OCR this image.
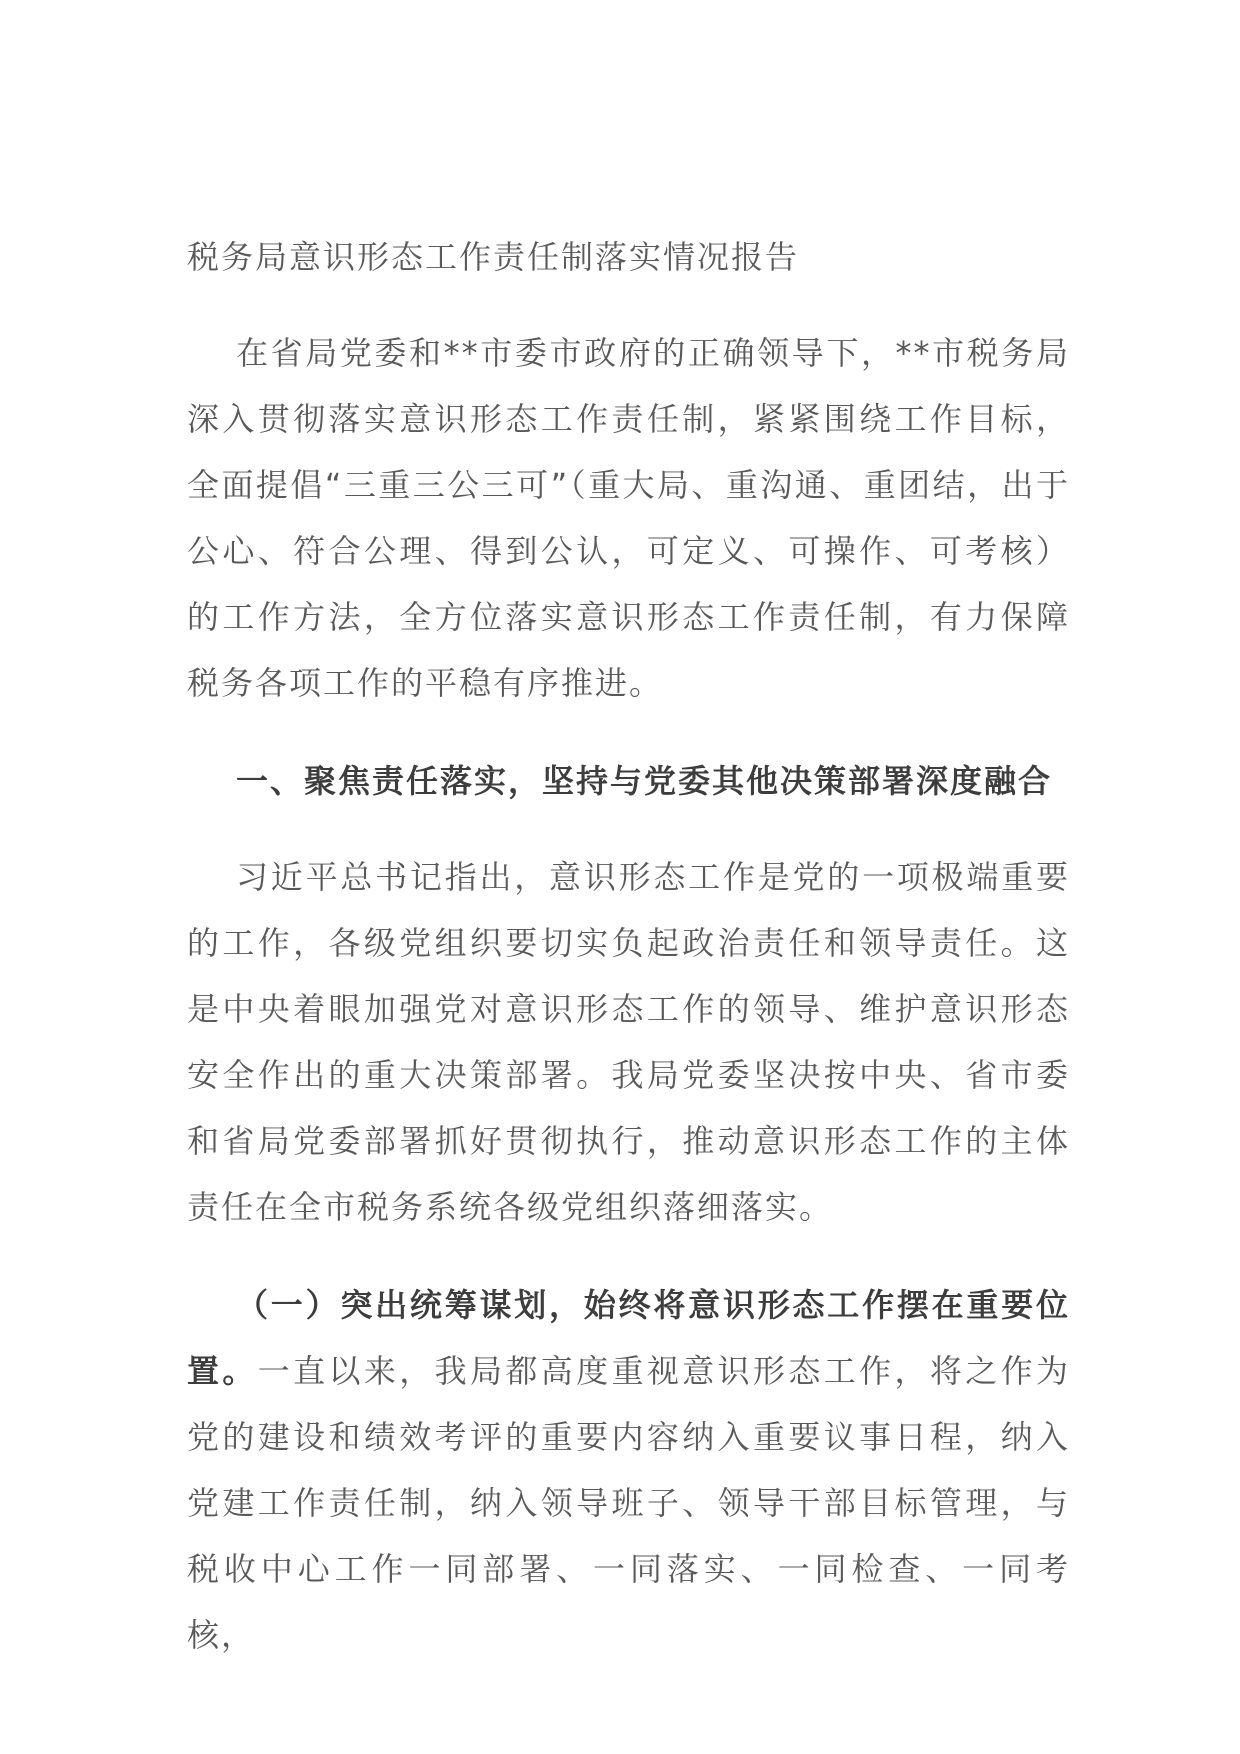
税务局意识形态工作责任制落实情况报告

在省局党委和**市委市政府的正确领导下，**市税务局深入贯彻落实意识形态工作责任制，紧紧围绕工作目标，全面提倡“三重三公三可”（重大局、重沟通、重团结，出于公心、符合公理、得到公认，可定义、可操作、可考核）的工作方法，全方位落实意识形态工作责任制，有力保障税务各项工作的平稳有序推进。

一、聚焦责任落实，坚持与党委其他决策部署深度融合

习近平总书记指出，意识形态工作是党的一项极端重要的工作，各级党组织要切实负起政治责任和领导责任。这是中央着眼加强党对意识形态工作的领导、维护意识形态安全作出的重大决策部署。我局党委坚决按中央、省市委和省局党委部署抓好贯彻执行，推动意识形态工作的主体责任在全市税务系统各级党组织落细落实。

（一）突出统筹谋划，始终将意识形态工作摆在重要位置。一直以来，我局都高度重视意识形态工作，将之作为党的建设和绩效考评的重要内容纳入重要议事日程，纳入党建工作责任制，纳入领导班子、领导干部目标管理，与税收中心工作一同部署、一同落实、一同检查、一同考核，
